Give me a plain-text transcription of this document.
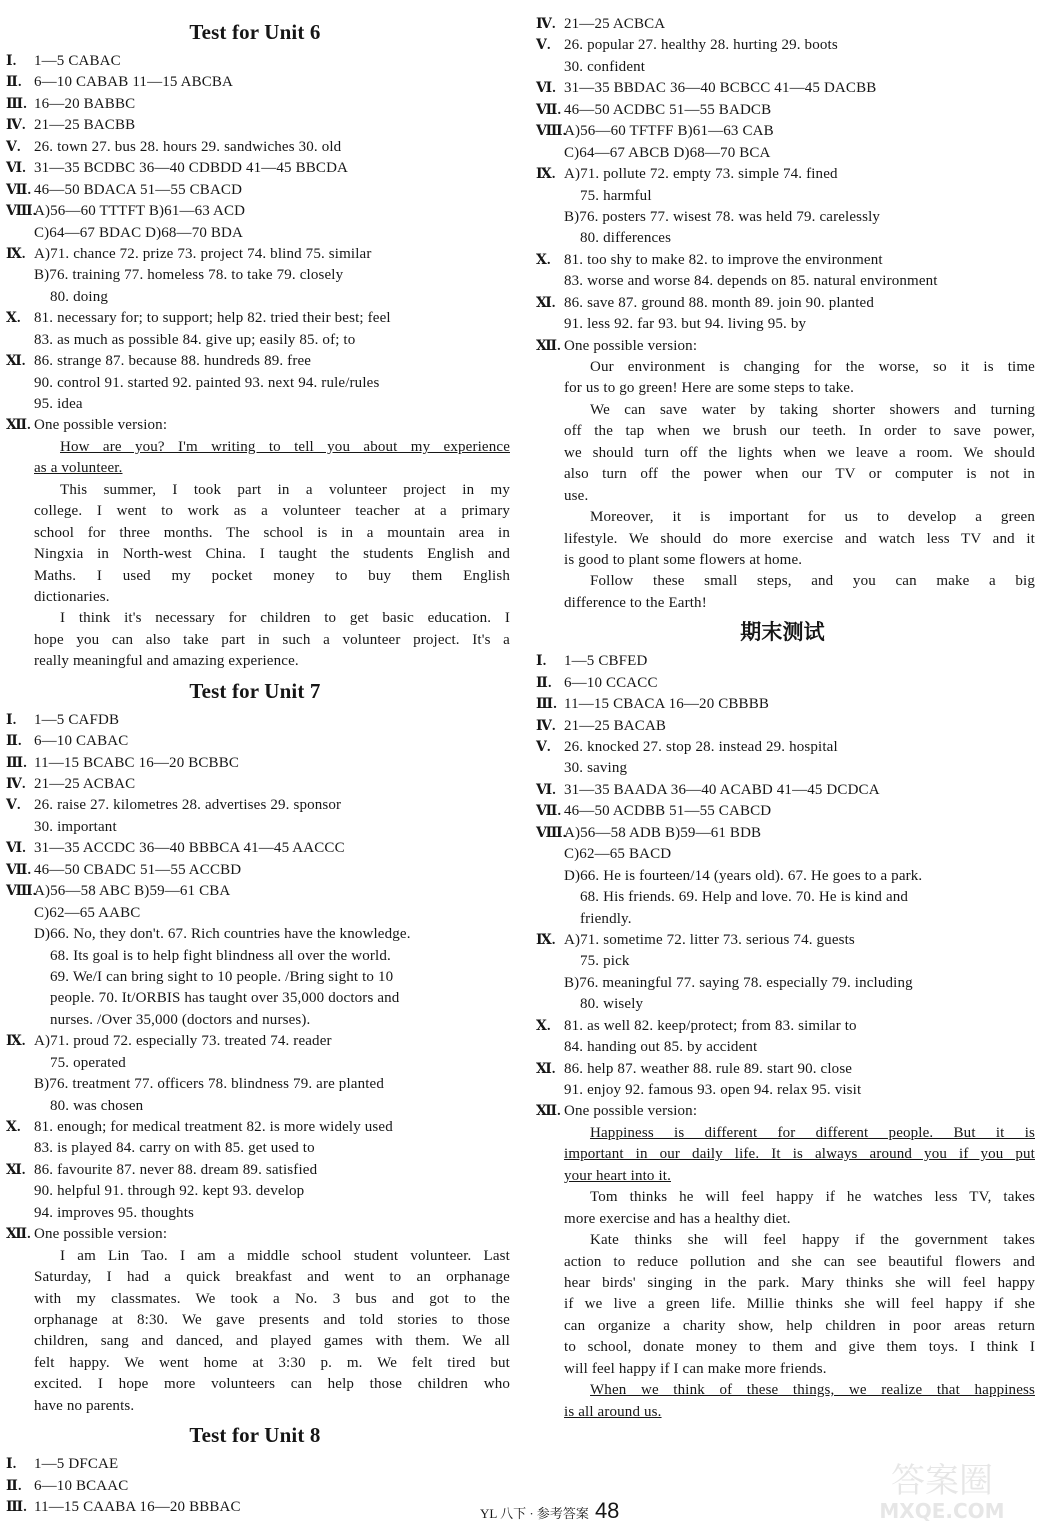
Test for Unit 6
Ⅰ. 1—5 CABAC
Ⅱ. 6—10 CABAB 11—15 ABCBA
Ⅲ. 16—20 BABBC
Ⅳ. 21—25 BACBB
Ⅴ. 26. town 27. bus 28. hours 29. sandwiches 30. old
Ⅵ. 31—35 BCDBC 36—40 CDBDD 41—45 BBCDA
Ⅶ. 46—50 BDACA 51—55 CBACD
Ⅷ.A)56—60 TTTFT B)61—63 ACD
C)64—67 BDAC D)68—70 BDA
Ⅸ. A)71. chance 72. prize 73. project 74. blind 75. similar
B)76. training 77. homeless 78. to take 79. closely
80. doing
Ⅹ. 81. necessary for; to support; help 82. tried their best; feel
83. as much as possible 84. give up; easily 85. of; to
Ⅺ. 86. strange 87. because 88. hundreds 89. free
90. control 91. started 92. painted 93. next 94. rule/rules
95. idea
Ⅻ. One possible version:
How are you? I'm writing to tell you about my experience
as a volunteer.
This summer, I took part in a volunteer project in my
college. I went to work as a volunteer teacher at a primary
school for three months. The school is in a mountain area in
Ningxia in North-west China. I taught the students English and
Maths. I used my pocket money to buy them English
dictionaries.
I think it's necessary for children to get basic education. I
hope you can also take part in such a volunteer project. It's a
really meaningful and amazing experience.
Test for Unit 7
Ⅰ. 1—5 CAFDB
Ⅱ. 6—10 CABAC
Ⅲ. 11—15 BCABC 16—20 BCBBC
Ⅳ. 21—25 ACBAC
Ⅴ. 26. raise 27. kilometres 28. advertises 29. sponsor
30. important
Ⅵ. 31—35 ACCDC 36—40 BBBCA 41—45 AACCC
Ⅶ. 46—50 CBADC 51—55 ACCBD
Ⅷ.A)56—58 ABC B)59—61 CBA
C)62—65 AABC
D)66. No, they don't. 67. Rich countries have the knowledge.
68. Its goal is to help fight blindness all over the world.
69. We/I can bring sight to 10 people. /Bring sight to 10
people. 70. It/ORBIS has taught over 35,000 doctors and
nurses. /Over 35,000 (doctors and nurses).
Ⅸ. A)71. proud 72. especially 73. treated 74. reader
75. operated
B)76. treatment 77. officers 78. blindness 79. are planted
80. was chosen
Ⅹ. 81. enough; for medical treatment 82. is more widely used
83. is played 84. carry on with 85. get used to
Ⅺ. 86. favourite 87. never 88. dream 89. satisfied
90. helpful 91. through 92. kept 93. develop
94. improves 95. thoughts
Ⅻ. One possible version:
I am Lin Tao. I am a middle school student volunteer. Last
Saturday, I had a quick breakfast and went to an orphanage
with my classmates. We took a No. 3 bus and got to the
orphanage at 8:30. We gave presents and told stories to those
children, sang and danced, and played games with them. We all
felt happy. We went home at 3:30 p. m. We felt tired but
excited. I hope more volunteers can help those children who
have no parents.
Test for Unit 8
Ⅰ. 1—5 DFCAE
Ⅱ. 6—10 BCAAC
Ⅲ. 11—15 CAABA 16—20 BBBAC
Ⅳ. 21—25 ACBCA
Ⅴ. 26. popular 27. healthy 28. hurting 29. boots
30. confident
Ⅵ. 31—35 BBDAC 36—40 BCBCC 41—45 DACBB
Ⅶ. 46—50 ACDBC 51—55 BADCB
Ⅷ.A)56—60 TFTFF B)61—63 CAB
C)64—67 ABCB D)68—70 BCA
Ⅸ. A)71. pollute 72. empty 73. simple 74. fined
75. harmful
B)76. posters 77. wisest 78. was held 79. carelessly
80. differences
Ⅹ. 81. too shy to make 82. to improve the environment
83. worse and worse 84. depends on 85. natural environment
Ⅺ. 86. save 87. ground 88. month 89. join 90. planted
91. less 92. far 93. but 94. living 95. by
Ⅻ. One possible version:
Our environment is changing for the worse, so it is time
for us to go green! Here are some steps to take.
We can save water by taking shorter showers and turning
off the tap when we brush our teeth. In order to save power,
we should turn off the lights when we leave a room. We should
also turn off the power when our TV or computer is not in
use.
Moreover, it is important for us to develop a green
lifestyle. We should do more exercise and watch less TV and it
is good to plant some flowers at home.
Follow these small steps, and you can make a big
difference to the Earth!
期末测试
Ⅰ. 1—5 CBFED
Ⅱ. 6—10 CCACC
Ⅲ. 11—15 CBACA 16—20 CBBBB
Ⅳ. 21—25 BACAB
Ⅴ. 26. knocked 27. stop 28. instead 29. hospital
30. saving
Ⅵ. 31—35 BAADA 36—40 ACABD 41—45 DCDCA
Ⅶ. 46—50 ACDBB 51—55 CABCD
Ⅷ.A)56—58 ADB B)59—61 BDB
C)62—65 BACD
D)66. He is fourteen/14 (years old). 67. He goes to a park.
68. His friends. 69. Help and love. 70. He is kind and
friendly.
Ⅸ. A)71. sometime 72. litter 73. serious 74. guests
75. pick
B)76. meaningful 77. saying 78. especially 79. including
80. wisely
Ⅹ. 81. as well 82. keep/protect; from 83. similar to
84. handing out 85. by accident
Ⅺ. 86. help 87. weather 88. rule 89. start 90. close
91. enjoy 92. famous 93. open 94. relax 95. visit
Ⅻ. One possible version:
Happiness is different for different people. But it is
important in our daily life. It is always around you if you put
your heart into it.
Tom thinks he will feel happy if he watches less TV, takes
more exercise and has a healthy diet.
Kate thinks she will feel happy if the government takes
action to reduce pollution and she can see beautiful flowers and
hear birds' singing in the park. Mary thinks she will feel happy
if we live a green life. Millie thinks she will feel happy if she
can organize a charity show, help children in poor areas return
to school, donate money to them and give them toys. I think I
will feel happy if I can make more friends.
When we think of these things, we realize that happiness
is all around us.
YL 八下 · 参考答案 48
答案圈
MXQE.COM
